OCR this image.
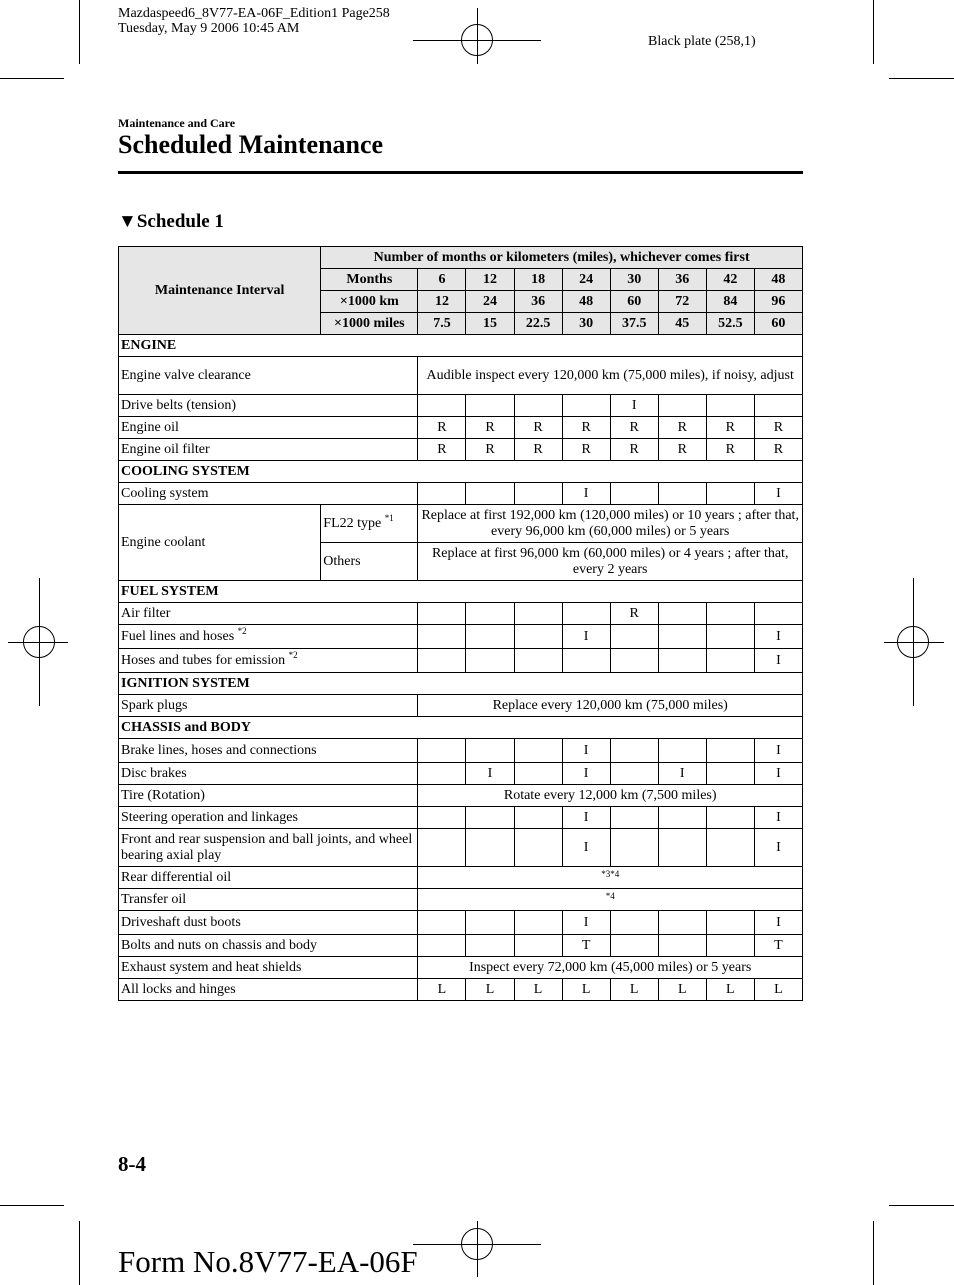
Mazdaspeed6_8V77-EA-06F_Edition1 Page258
Tuesday, May 9 2006 10:45 AM
Black plate (258,1)
Maintenance and Care
Scheduled Maintenance
▼Schedule 1
Maintenance Interval	Number of months or kilometers (miles), whichever comes first								
	Months	6	12	18	24	30	36	42	48
	×1000 km	12	24	36	48	60	72	84	96
	×1000 miles	7.5	15	22.5	30	37.5	45	52.5	60
ENGINE									
Engine valve clearance		Audible inspect every 120,000 km (75,000 miles), if noisy, adjust							
Drive belts (tension)						I			
Engine oil		R	R	R	R	R	R	R	R
Engine oil filter		R	R	R	R	R	R	R	R
COOLING SYSTEM									
Cooling system					I				I
Engine coolant	FL22 type $^{*1}$	Replace at first 192,000 km (120,000 miles) or 10 years ; after that, every 96,000 km (60,000 miles) or 5 years							
	Others	Replace at first 96,000 km (60,000 miles) or 4 years ; after that, every 2 years							
FUEL SYSTEM									
Air filter						R			
Fuel lines and hoses $^{*2}$					I				I
Hoses and tubes for emission $^{*2}$									I
IGNITION SYSTEM									
Spark plugs		Replace every 120,000 km (75,000 miles)							
CHASSIS and BODY									
Brake lines, hoses and connections					I				I
Disc brakes			I		I		I		I
Tire (Rotation)		Rotate every 12,000 km (7,500 miles)							
Steering operation and linkages					I				I
Front and rear suspension and ball joints, and wheel bearing axial play					I				I
Rear differential oil		*3*4							
Transfer oil		*4							
Driveshaft dust boots					I				I
Bolts and nuts on chassis and body					T				T
Exhaust system and heat shields		Inspect every 72,000 km (45,000 miles) or 5 years							
All locks and hinges		L	L	L	L	L	L	L	L
8-4
Form No.8V77-EA-06F
